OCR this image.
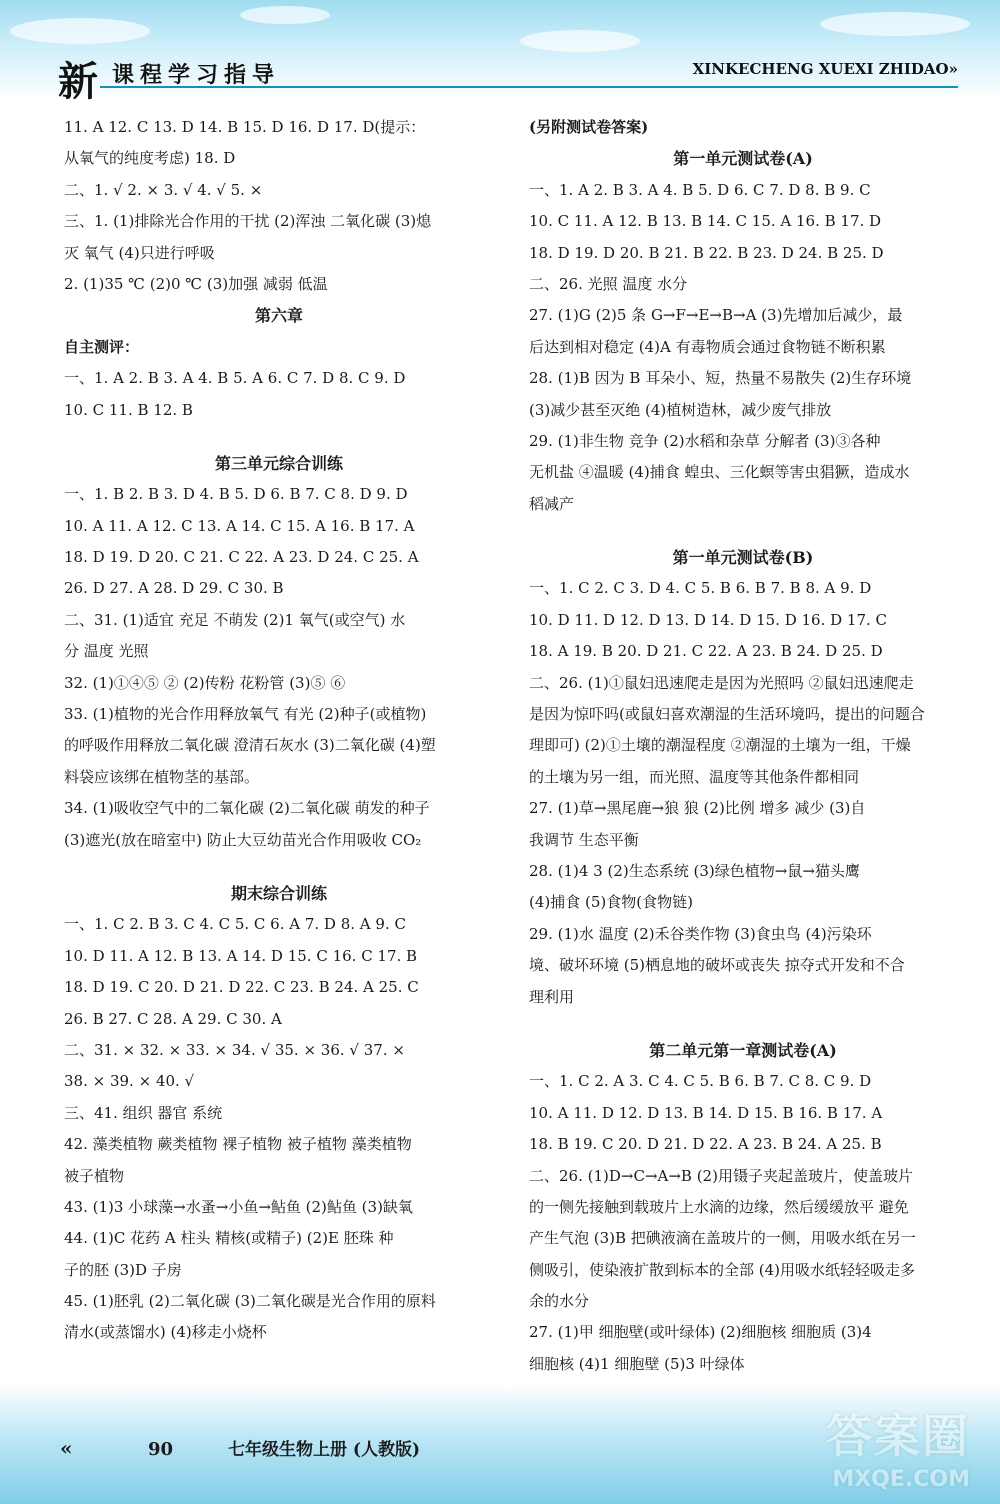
新 课程学习指导	XINKECHENG XUEXI ZHIDAO»
11. A 12. C 13. D 14. B 15. D 16. D 17. D(提示：
从氧气的纯度考虑) 18. D
二、1. √ 2. × 3. √ 4. √ 5. ×
三、1. (1)排除光合作用的干扰 (2)浑浊 二氧化碳 (3)熄
灭 氧气 (4)只进行呼吸
2. (1)35 ℃ (2)0 ℃ (3)加强 减弱 低温
第六章
自主测评：
一、1. A 2. B 3. A 4. B 5. A 6. C 7. D 8. C 9. D
10. C 11. B 12. B
第三单元综合训练
一、1. B 2. B 3. D 4. B 5. D 6. B 7. C 8. D 9. D
10. A 11. A 12. C 13. A 14. C 15. A 16. B 17. A
18. D 19. D 20. C 21. C 22. A 23. D 24. C 25. A
26. D 27. A 28. D 29. C 30. B
二、31. (1)适宜 充足 不萌发 (2)1 氧气(或空气) 水
分 温度 光照
32. (1)①④⑤ ② (2)传粉 花粉管 (3)⑤ ⑥
33. (1)植物的光合作用释放氧气 有光 (2)种子(或植物)
的呼吸作用释放二氧化碳 澄清石灰水 (3)二氧化碳 (4)塑
料袋应该绑在植物茎的基部。
34. (1)吸收空气中的二氧化碳 (2)二氧化碳 萌发的种子
(3)遮光(放在暗室中) 防止大豆幼苗光合作用吸收 CO₂
期末综合训练
一、1. C 2. B 3. C 4. C 5. C 6. A 7. D 8. A 9. C
10. D 11. A 12. B 13. A 14. D 15. C 16. C 17. B
18. D 19. C 20. D 21. D 22. C 23. B 24. A 25. C
26. B 27. C 28. A 29. C 30. A
二、31. × 32. × 33. × 34. √ 35. × 36. √ 37. ×
38. × 39. × 40. √
三、41. 组织 器官 系统
42. 藻类植物 蕨类植物 裸子植物 被子植物 藻类植物
被子植物
43. (1)3 小球藻→水蚤→小鱼→鲇鱼 (2)鲇鱼 (3)缺氧
44. (1)C 花药 A 柱头 精核(或精子) (2)E 胚珠 种
子的胚 (3)D 子房
45. (1)胚乳 (2)二氧化碳 (3)二氧化碳是光合作用的原料
清水(或蒸馏水) (4)移走小烧杯
(另附测试卷答案)
第一单元测试卷(A)
一、1. A 2. B 3. A 4. B 5. D 6. C 7. D 8. B 9. C
10. C 11. A 12. B 13. B 14. C 15. A 16. B 17. D
18. D 19. D 20. B 21. B 22. B 23. D 24. B 25. D
二、26. 光照 温度 水分
27. (1)G (2)5 条 G→F→E→B→A (3)先增加后减少，最
后达到相对稳定 (4)A 有毒物质会通过食物链不断积累
28. (1)B 因为 B 耳朵小、短，热量不易散失 (2)生存环境
(3)减少甚至灭绝 (4)植树造林，减少废气排放
29. (1)非生物 竞争 (2)水稻和杂草 分解者 (3)③各种
无机盐 ④温暖 (4)捕食 蝗虫、三化螟等害虫猖獗，造成水
稻减产
第一单元测试卷(B)
一、1. C 2. C 3. D 4. C 5. B 6. B 7. B 8. A 9. D
10. D 11. D 12. D 13. D 14. D 15. D 16. D 17. C
18. A 19. B 20. D 21. C 22. A 23. B 24. D 25. D
二、26. (1)①鼠妇迅速爬走是因为光照吗 ②鼠妇迅速爬走
是因为惊吓吗(或鼠妇喜欢潮湿的生活环境吗，提出的问题合
理即可) (2)①土壤的潮湿程度 ②潮湿的土壤为一组，干燥
的土壤为另一组，而光照、温度等其他条件都相同
27. (1)草→黑尾鹿→狼 狼 (2)比例 增多 减少 (3)自
我调节 生态平衡
28. (1)4 3 (2)生态系统 (3)绿色植物→鼠→猫头鹰
(4)捕食 (5)食物(食物链)
29. (1)水 温度 (2)禾谷类作物 (3)食虫鸟 (4)污染环
境、破坏环境 (5)栖息地的破坏或丧失 掠夺式开发和不合
理利用
第二单元第一章测试卷(A)
一、1. C 2. A 3. C 4. C 5. B 6. B 7. C 8. C 9. D
10. A 11. D 12. D 13. B 14. D 15. B 16. B 17. A
18. B 19. C 20. D 21. D 22. A 23. B 24. A 25. B
二、26. (1)D→C→A→B (2)用镊子夹起盖玻片，使盖玻片
的一侧先接触到载玻片上水滴的边缘，然后缓缓放平 避免
产生气泡 (3)B 把碘液滴在盖玻片的一侧，用吸水纸在另一
侧吸引，使染液扩散到标本的全部 (4)用吸水纸轻轻吸走多
余的水分
27. (1)甲 细胞壁(或叶绿体) (2)细胞核 细胞质 (3)4
细胞核 (4)1 细胞壁 (5)3 叶绿体
«	90	七年级生物上册 (人教版)	答案圈
MXQE.COM
